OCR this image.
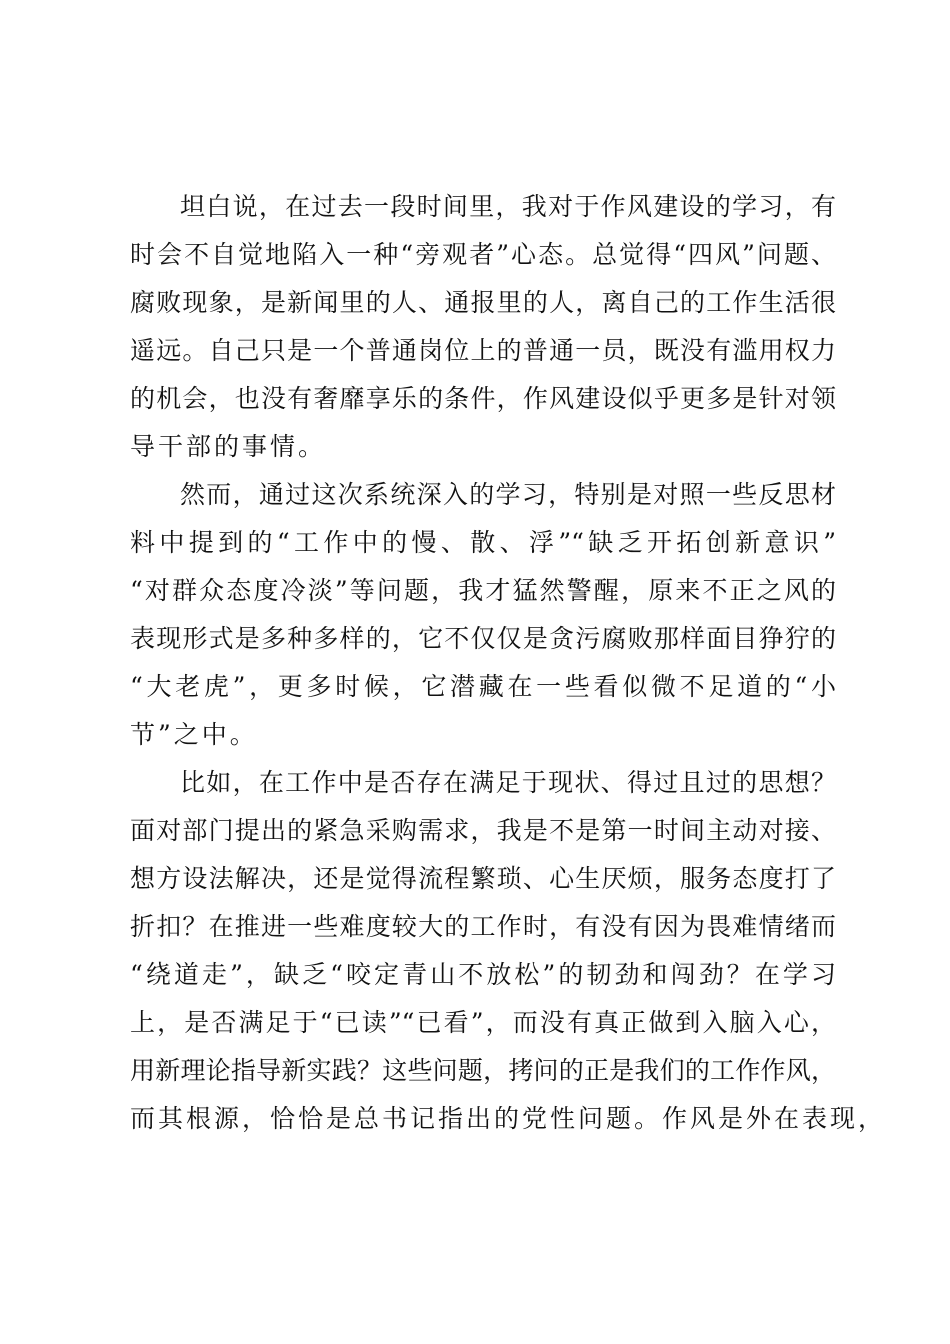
坦白说，在过去一段时间里，我对于作风建设的学习，有
时会不自觉地陷入一种“旁观者”心态。总觉得“四风”问题、
腐败现象，是新闻里的人、通报里的人，离自己的工作生活很
遥远。自己只是一个普通岗位上的普通一员，既没有滥用权力
的机会，也没有奢靡享乐的条件，作风建设似乎更多是针对领
导干部的事情。
然而，通过这次系统深入的学习，特别是对照一些反思材
料中提到的“工作中的慢、散、浮”“缺乏开拓创新意识”
“对群众态度冷淡”等问题，我才猛然警醒，原来不正之风的
表现形式是多种多样的，它不仅仅是贪污腐败那样面目狰狞的
“大老虎”，更多时候，它潜藏在一些看似微不足道的“小
节”之中。
比如，在工作中是否存在满足于现状、得过且过的思想？
面对部门提出的紧急采购需求，我是不是第一时间主动对接、
想方设法解决，还是觉得流程繁琐、心生厌烦，服务态度打了
折扣？在推进一些难度较大的工作时，有没有因为畏难情绪而
“绕道走”，缺乏“咬定青山不放松”的韧劲和闯劲？在学习
上，是否满足于“已读”“已看”，而没有真正做到入脑入心，
用新理论指导新实践？这些问题，拷问的正是我们的工作作风，
而其根源，恰恰是总书记指出的党性问题。作风是外在表现，
